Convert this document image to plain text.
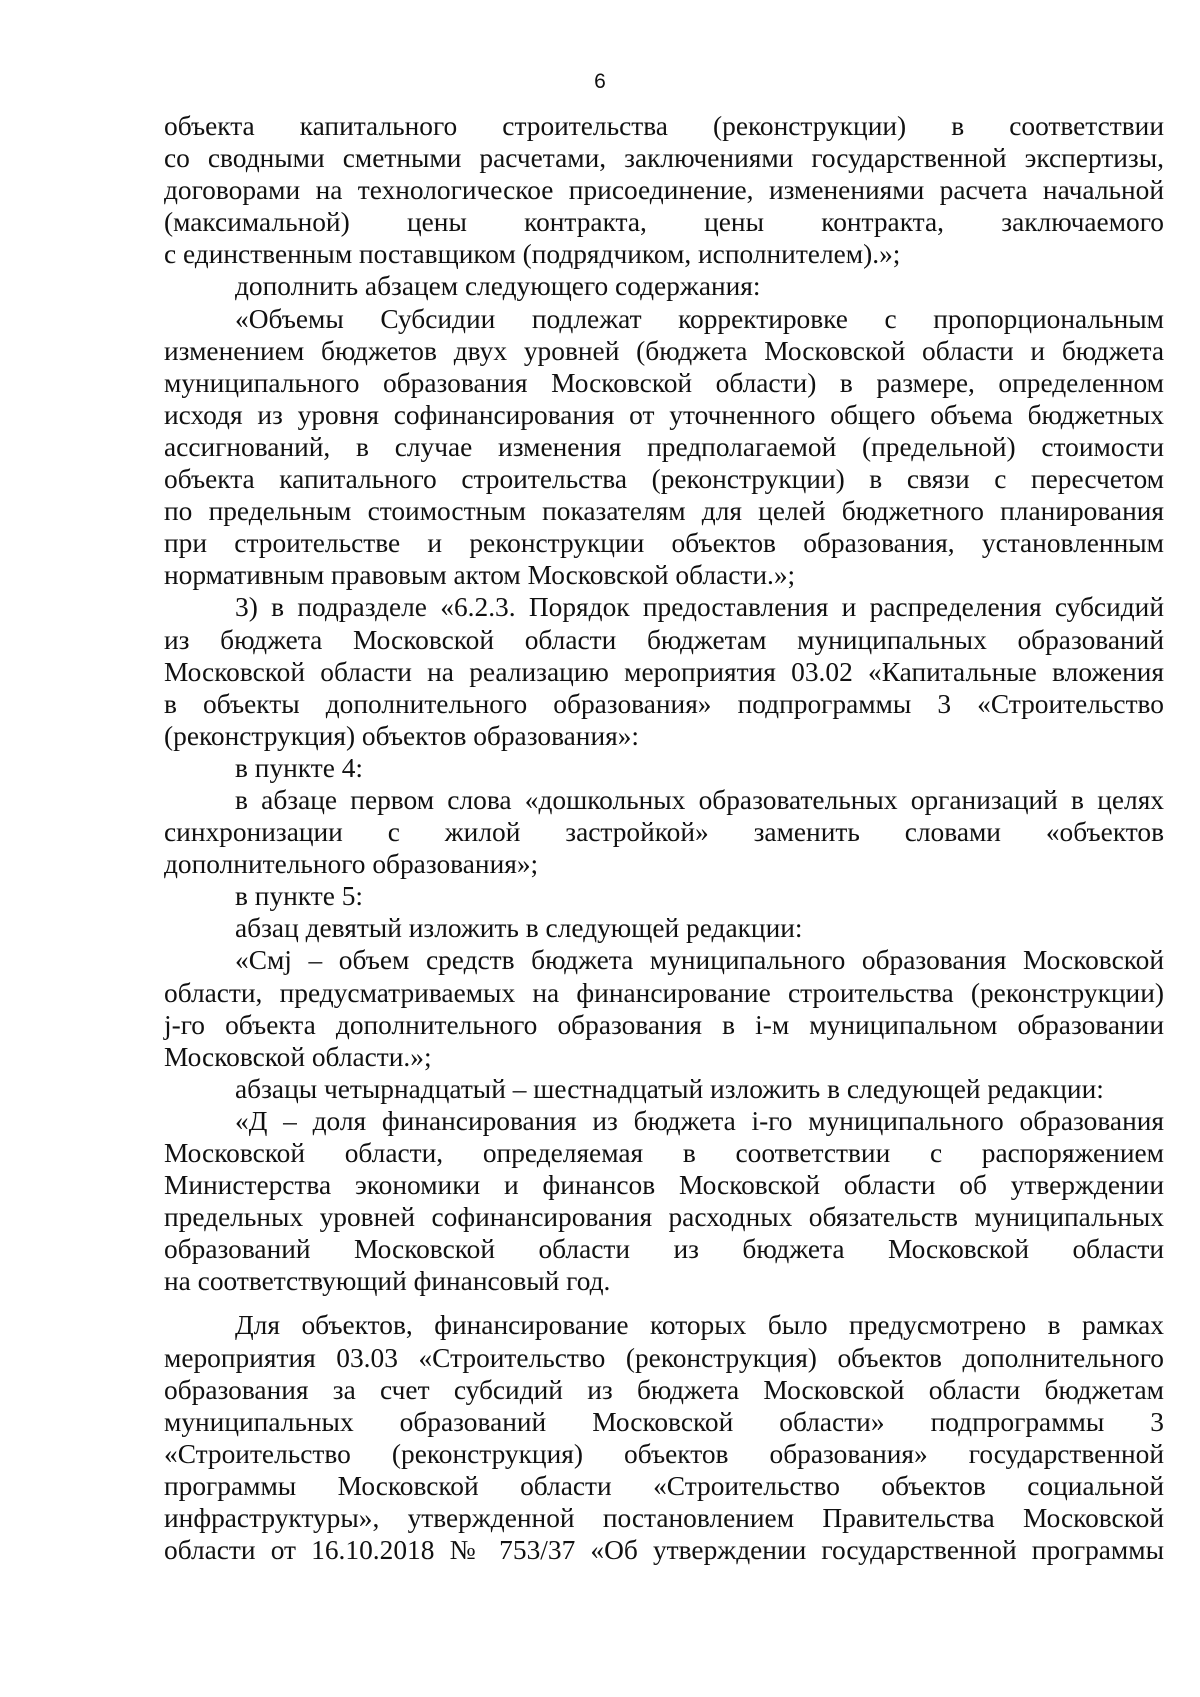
6
объекта капитального строительства (реконструкции) в соответствии
со сводными сметными расчетами, заключениями государственной экспертизы,
договорами на технологическое присоединение, изменениями расчета начальной
(максимальной) цены контракта, цены контракта, заключаемого
с единственным поставщиком (подрядчиком, исполнителем).»;
дополнить абзацем следующего содержания:
«Объемы Субсидии подлежат корректировке с пропорциональным
изменением бюджетов двух уровней (бюджета Московской области и бюджета
муниципального образования Московской области) в размере, определенном
исходя из уровня софинансирования от уточненного общего объема бюджетных
ассигнований, в случае изменения предполагаемой (предельной) стоимости
объекта капитального строительства (реконструкции) в связи с пересчетом
по предельным стоимостным показателям для целей бюджетного планирования
при строительстве и реконструкции объектов образования, установленным
нормативным правовым актом Московской области.»;
3) в подразделе «6.2.3. Порядок предоставления и распределения субсидий
из бюджета Московской области бюджетам муниципальных образований
Московской области на реализацию мероприятия 03.02 «Капитальные вложения
в объекты дополнительного образования» подпрограммы 3 «Строительство
(реконструкция) объектов образования»:
в пункте 4:
в абзаце первом слова «дошкольных образовательных организаций в целях
синхронизации с жилой застройкой» заменить словами «объектов
дополнительного образования»;
в пункте 5:
абзац девятый изложить в следующей редакции:
«Смj – объем средств бюджета муниципального образования Московской
области, предусматриваемых на финансирование строительства (реконструкции)
j-го объекта дополнительного образования в i-м муниципальном образовании
Московской области.»;
абзацы четырнадцатый – шестнадцатый изложить в следующей редакции:
«Д – доля финансирования из бюджета i-го муниципального образования
Московской области, определяемая в соответствии с распоряжением
Министерства экономики и финансов Московской области об утверждении
предельных уровней софинансирования расходных обязательств муниципальных
образований Московской области из бюджета Московской области
на соответствующий финансовый год.
Для объектов, финансирование которых было предусмотрено в рамках
мероприятия 03.03 «Строительство (реконструкция) объектов дополнительного
образования за счет субсидий из бюджета Московской области бюджетам
муниципальных образований Московской области» подпрограммы 3
«Строительство (реконструкция) объектов образования» государственной
программы Московской области «Строительство объектов социальной
инфраструктуры», утвержденной постановлением Правительства Московской
области от 16.10.2018 № 753/37 «Об утверждении государственной программы
